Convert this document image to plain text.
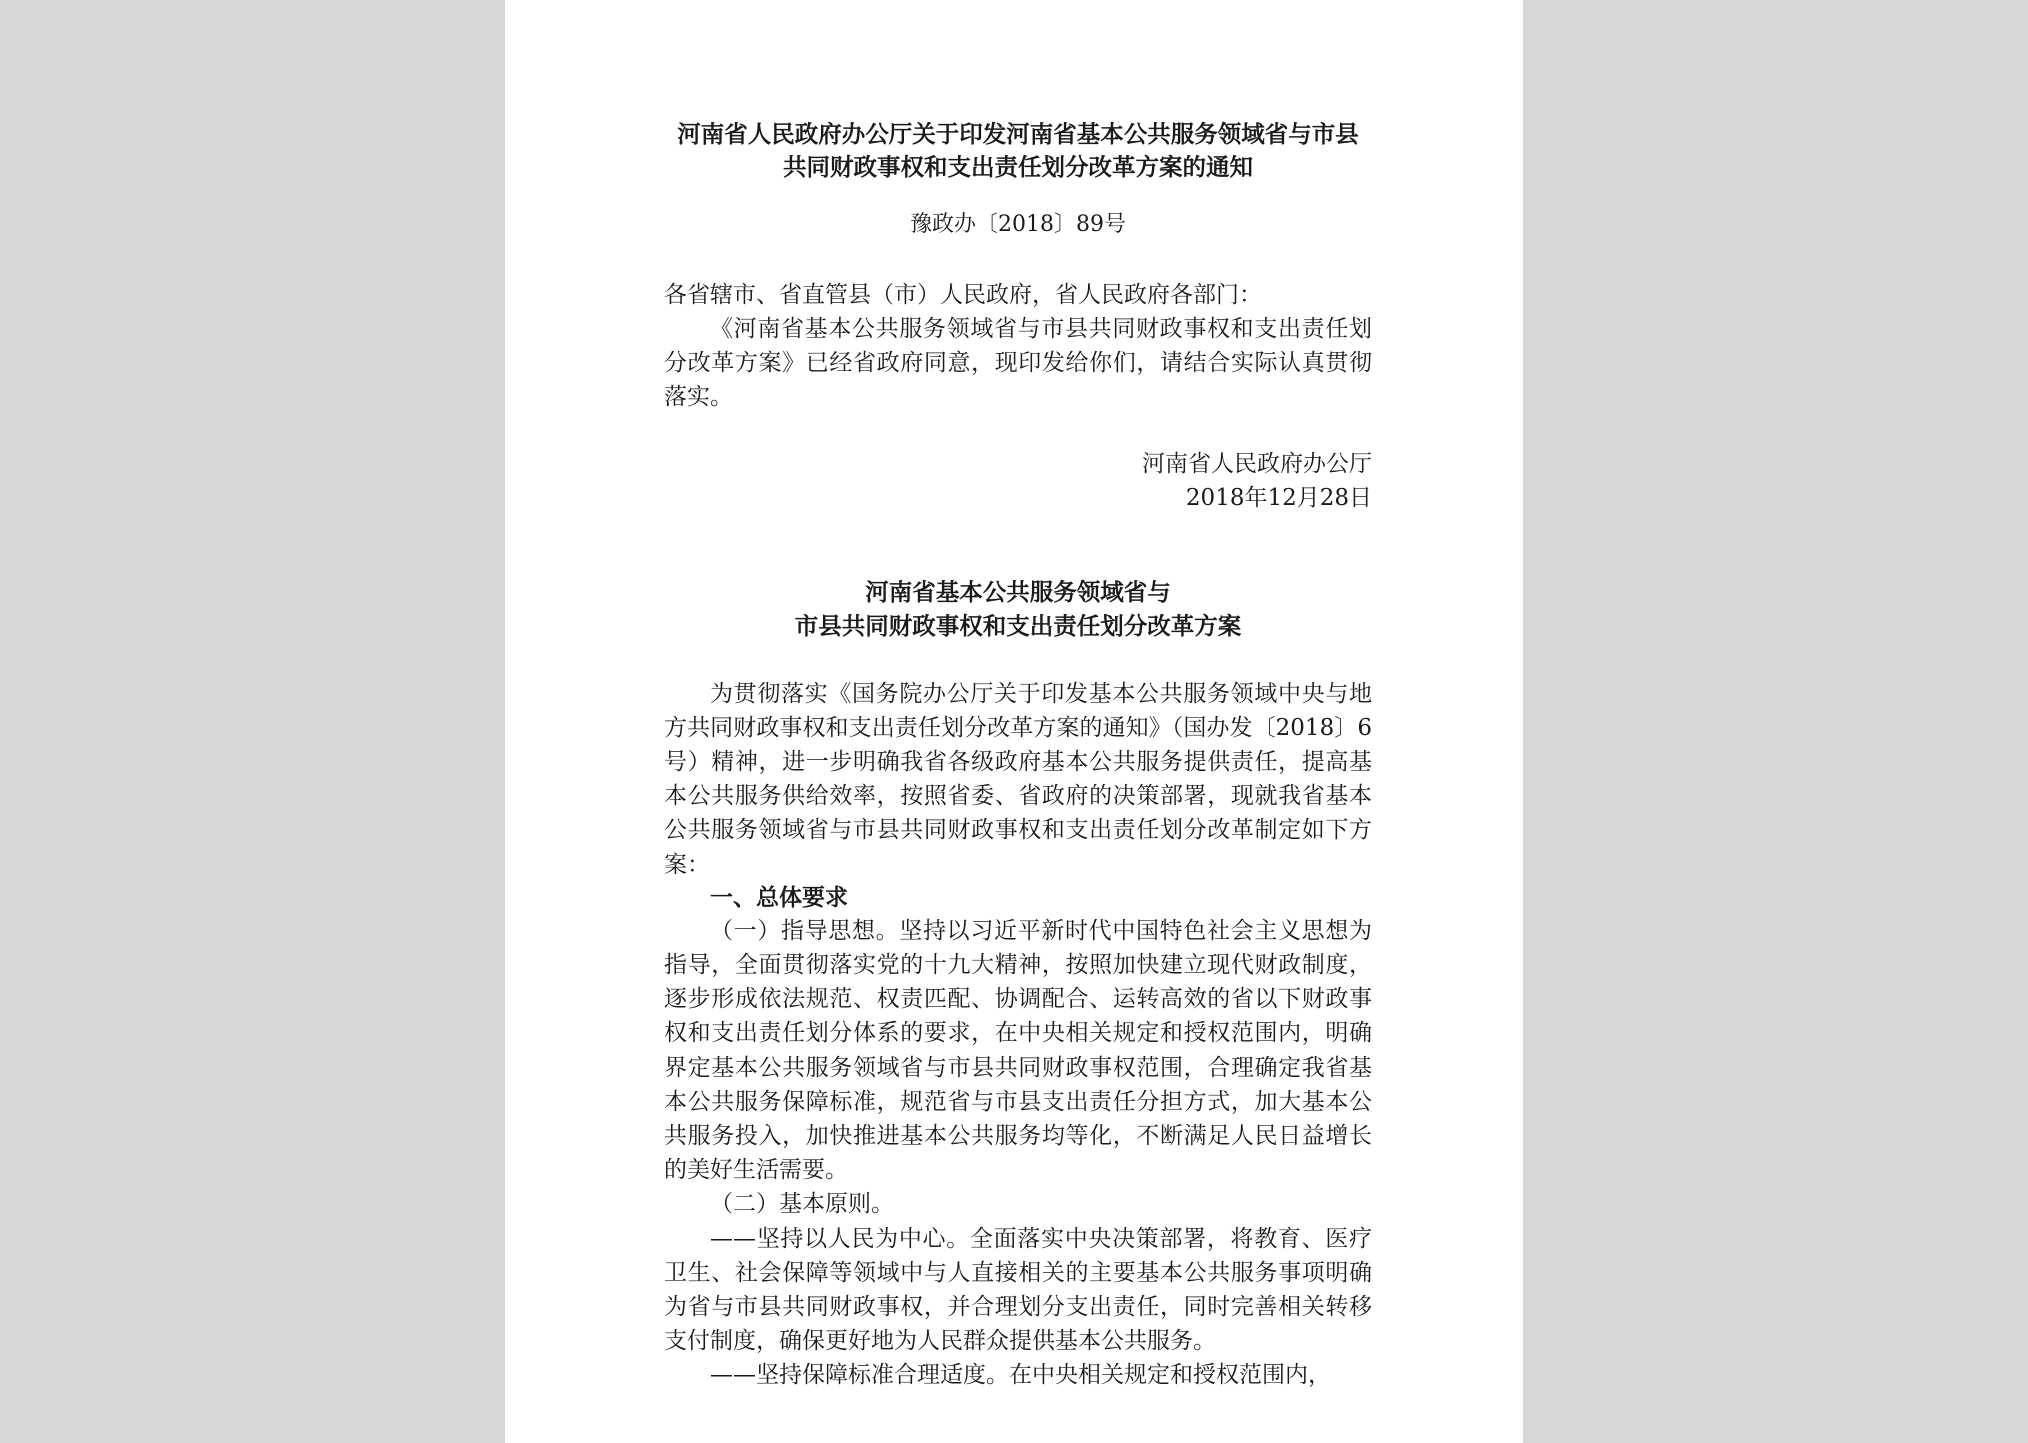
河南省人民政府办公厅关于印发河南省基本公共服务领域省与市县
共同财政事权和支出责任划分改革方案的通知
豫政办〔2018〕89号
各省辖市、省直管县（市）人民政府，省人民政府各部门：

《河南省基本公共服务领域省与市县共同财政事权和支出责任划分改革方案》已经省政府同意，现印发给你们，请结合实际认真贯彻落实。

河南省人民政府办公厅
2018年12月28日
河南省基本公共服务领域省与
市县共同财政事权和支出责任划分改革方案

为贯彻落实《国务院办公厅关于印发基本公共服务领域中央与地方共同财政事权和支出责任划分改革方案的通知》（国办发〔2018〕6号）精神，进一步明确我省各级政府基本公共服务提供责任，提高基本公共服务供给效率，按照省委、省政府的决策部署，现就我省基本公共服务领域省与市县共同财政事权和支出责任划分改革制定如下方案：

一、总体要求

（一）指导思想。坚持以习近平新时代中国特色社会主义思想为指导，全面贯彻落实党的十九大精神，按照加快建立现代财政制度，逐步形成依法规范、权责匹配、协调配合、运转高效的省以下财政事权和支出责任划分体系的要求，在中央相关规定和授权范围内，明确界定基本公共服务领域省与市县共同财政事权范围，合理确定我省基本公共服务保障标准，规范省与市县支出责任分担方式，加大基本公共服务投入，加快推进基本公共服务均等化，不断满足人民日益增长的美好生活需要。

（二）基本原则。

——坚持以人民为中心。全面落实中央决策部署，将教育、医疗卫生、社会保障等领域中与人直接相关的主要基本公共服务事项明确为省与市县共同财政事权，并合理划分支出责任，同时完善相关转移支付制度，确保更好地为人民群众提供基本公共服务。

——坚持保障标准合理适度。在中央相关规定和授权范围内，
